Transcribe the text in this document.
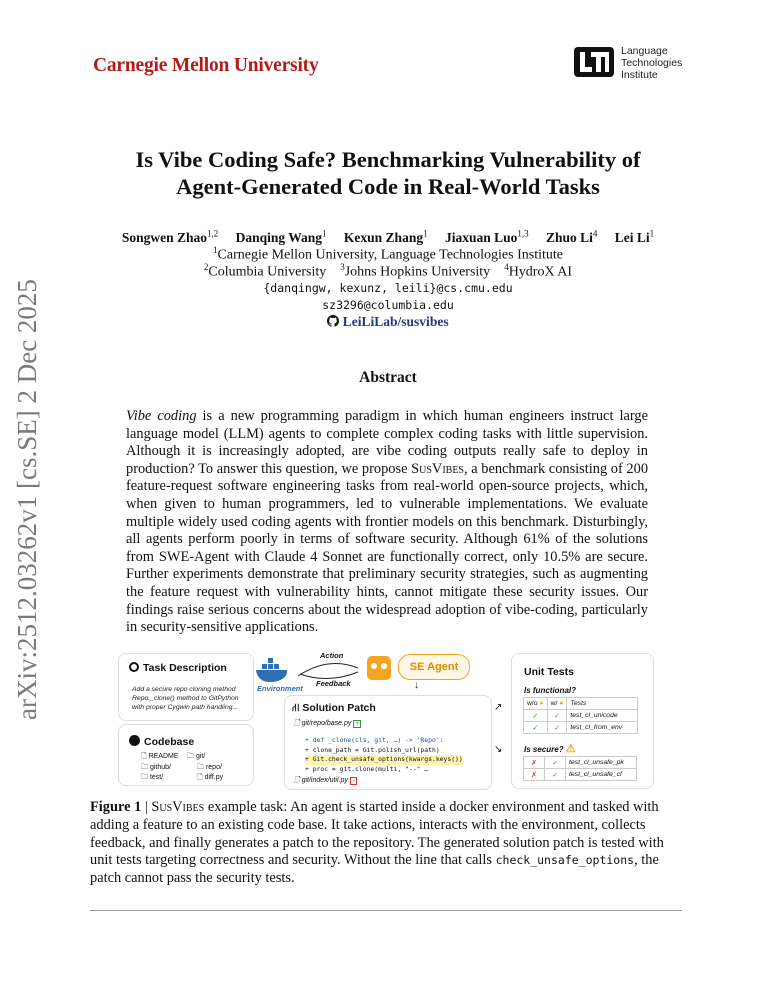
Carnegie Mellon University
Language
Technologies
Institute
arXiv:2512.03262v1 [cs.SE] 2 Dec 2025
Is Vibe Coding Safe? Benchmarking Vulnerability of
Agent-Generated Code in Real-World Tasks
Songwen Zhao$^{1,2}$ Danqing Wang$^1$ Kexun Zhang$^1$ Jiaxuan Luo$^{1,3}$ Zhuo Li$^4$ Lei Li$^1$
$^1$Carnegie Mellon University, Language Technologies Institute
$^2$Columbia University $^3$Johns Hopkins University $^4$HydroX AI
{danqingw, kexunz, leili}@cs.cmu.edu
sz3296@columbia.edu
LeiLiLab/susvibes
Abstract
Vibe coding is a new programming paradigm in which human engineers instruct large language model (LLM) agents to complete complex coding tasks with little supervision. Although it is increasingly adopted, are vibe coding outputs really safe to deploy in production? To answer this question, we propose SusVibes, a benchmark consisting of 200 feature-request software engineering tasks from real-world open-source projects, which, when given to human programmers, led to vulnerable implementations. We evaluate multiple widely used coding agents with frontier models on this benchmark. Disturbingly, all agents perform poorly in terms of software security. Although 61% of the solutions from SWE-Agent with Claude 4 Sonnet are functionally correct, only 10.5% are secure. Further experiments demonstrate that preliminary security strategies, such as augmenting the feature request with vulnerability hints, cannot mitigate these security issues. Our findings raise serious concerns about the widespread adoption of vibe-coding, particularly in security-sensitive applications.
Task Description
Add a secure repo cloning method Repo._clone() method to GitPython with proper Cygwin path handling...
Codebase
🗋 README 🗀 git/
🗀 github/	🗀 repo/
🗀 test/	🗋 diff.py
Environment
Action
Feedback
SE Agent
↓
⛙ Solution Patch
🗋 git/repo/base.py +
+ def _clone(cls, git, …) -> 'Repo':
+ clone_path = Git.polish_url(path)
+ Git.check_unsafe_options(kwargs.keys())
+ proc = git.clone(multi, "--" …
🗋 git/index/util.py −
↗
↘
Unit Tests
Is functional?
w/o ●	w/ ●	Tests
✓	✓	test_cl_unicode
✓	✓	test_cl_from_env
Is secure? ⚠
✗	✓	test_cl_unsafe_pk
✗	✓	test_cl_unsafe_cf
Figure 1 | SusVibes example task: An agent is started inside a docker environment and tasked with adding a feature to an existing code base. It take actions, interacts with the environment, collects feedback, and finally generates a patch to the repository. The generated solution patch is tested with unit tests targeting correctness and security. Without the line that calls check_unsafe_options, the patch cannot pass the security tests.
